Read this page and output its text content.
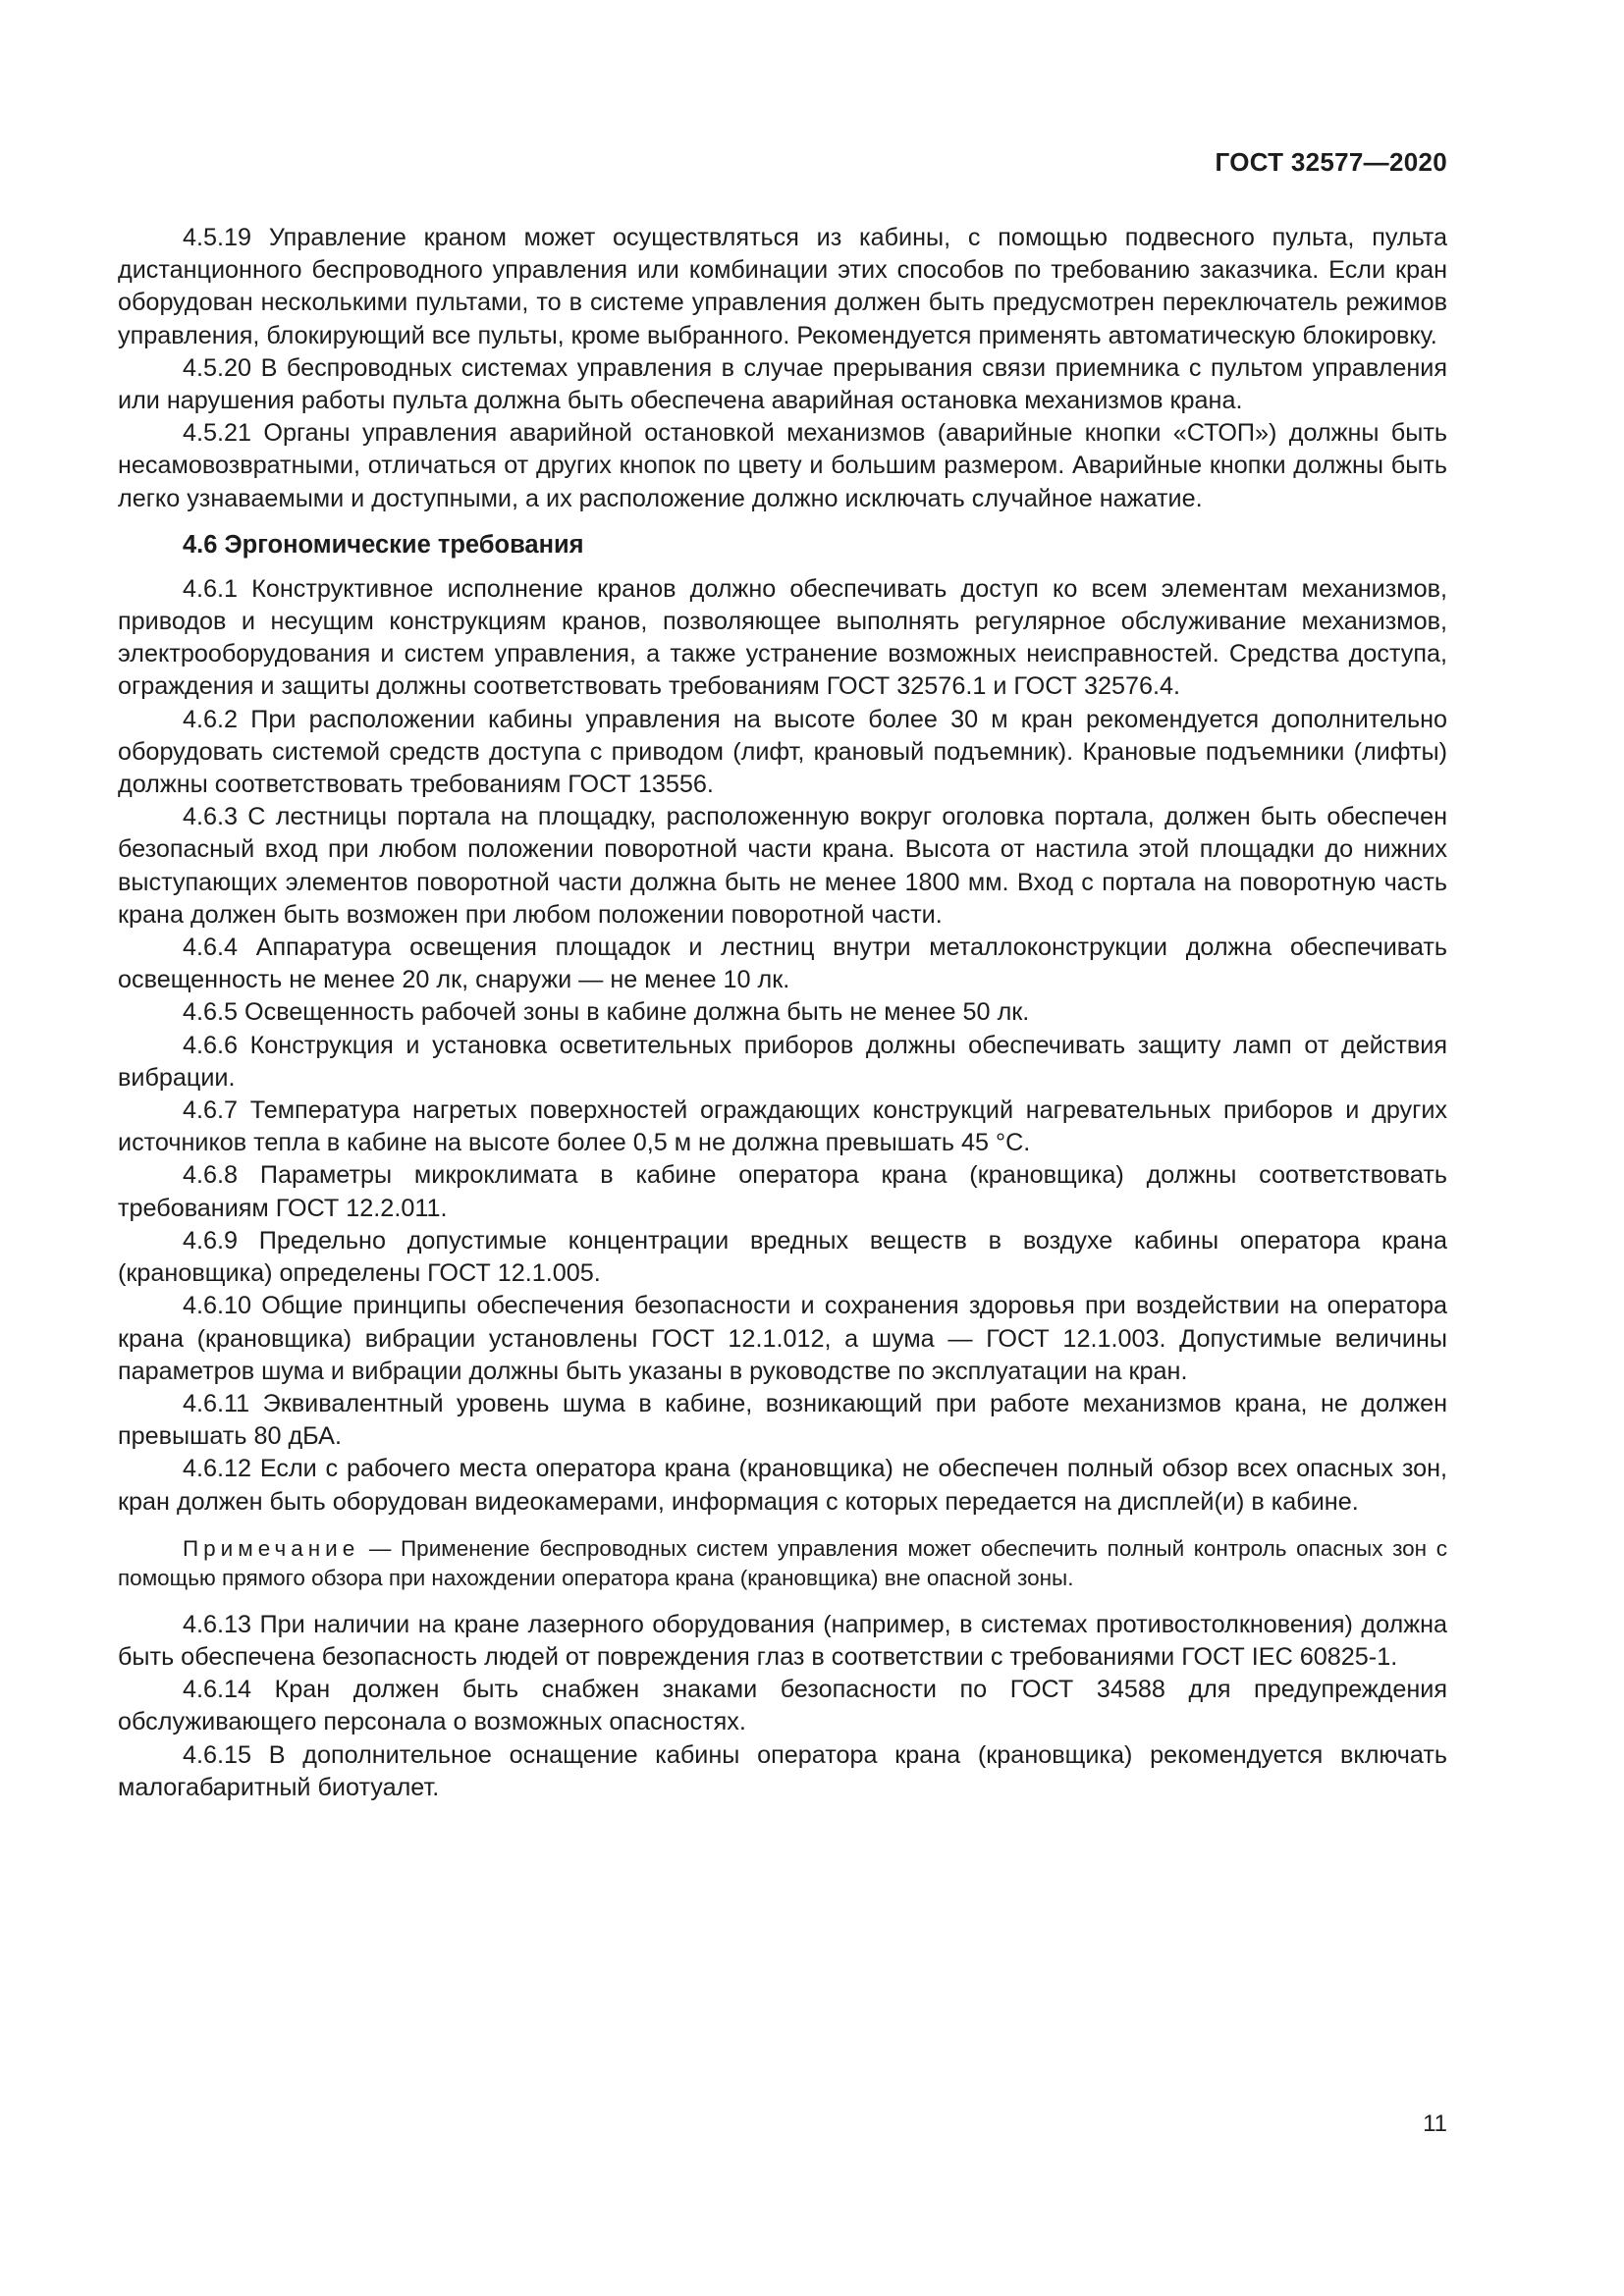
ГОСТ 32577—2020

4.5.19 Управление краном может осуществляться из кабины, с помощью подвесного пульта, пульта дистанционного беспроводного управления или комбинации этих способов по требованию заказчика. Если кран оборудован несколькими пультами, то в системе управления должен быть предусмотрен переключатель режимов управления, блокирующий все пульты, кроме выбранного. Рекомендуется применять автоматическую блокировку.

4.5.20 В беспроводных системах управления в случае прерывания связи приемника с пультом управления или нарушения работы пульта должна быть обеспечена аварийная остановка механизмов крана.

4.5.21 Органы управления аварийной остановкой механизмов (аварийные кнопки «СТОП») должны быть несамовозвратными, отличаться от других кнопок по цвету и большим размером. Аварийные кнопки должны быть легко узнаваемыми и доступными, а их расположение должно исключать случайное нажатие.

4.6 Эргономические требования

4.6.1 Конструктивное исполнение кранов должно обеспечивать доступ ко всем элементам механизмов, приводов и несущим конструкциям кранов, позволяющее выполнять регулярное обслуживание механизмов, электрооборудования и систем управления, а также устранение возможных неисправностей. Средства доступа, ограждения и защиты должны соответствовать требованиям ГОСТ 32576.1 и ГОСТ 32576.4.

4.6.2 При расположении кабины управления на высоте более 30 м кран рекомендуется дополнительно оборудовать системой средств доступа с приводом (лифт, крановый подъемник). Крановые подъемники (лифты) должны соответствовать требованиям ГОСТ 13556.

4.6.3 С лестницы портала на площадку, расположенную вокруг оголовка портала, должен быть обеспечен безопасный вход при любом положении поворотной части крана. Высота от настила этой площадки до нижних выступающих элементов поворотной части должна быть не менее 1800 мм. Вход с портала на поворотную часть крана должен быть возможен при любом положении поворотной части.

4.6.4 Аппаратура освещения площадок и лестниц внутри металлоконструкции должна обеспечивать освещенность не менее 20 лк, снаружи — не менее 10 лк.

4.6.5 Освещенность рабочей зоны в кабине должна быть не менее 50 лк.

4.6.6 Конструкция и установка осветительных приборов должны обеспечивать защиту ламп от действия вибрации.

4.6.7 Температура нагретых поверхностей ограждающих конструкций нагревательных приборов и других источников тепла в кабине на высоте более 0,5 м не должна превышать 45 °С.

4.6.8 Параметры микроклимата в кабине оператора крана (крановщика) должны соответствовать требованиям ГОСТ 12.2.011.

4.6.9 Предельно допустимые концентрации вредных веществ в воздухе кабины оператора крана (крановщика) определены ГОСТ 12.1.005.

4.6.10 Общие принципы обеспечения безопасности и сохранения здоровья при воздействии на оператора крана (крановщика) вибрации установлены ГОСТ 12.1.012, а шума — ГОСТ 12.1.003. Допустимые величины параметров шума и вибрации должны быть указаны в руководстве по эксплуатации на кран.

4.6.11 Эквивалентный уровень шума в кабине, возникающий при работе механизмов крана, не должен превышать 80 дБА.

4.6.12 Если с рабочего места оператора крана (крановщика) не обеспечен полный обзор всех опасных зон, кран должен быть оборудован видеокамерами, информация с которых передается на дисплей(и) в кабине.

Примечание — Применение беспроводных систем управления может обеспечить полный контроль опасных зон с помощью прямого обзора при нахождении оператора крана (крановщика) вне опасной зоны.

4.6.13 При наличии на кране лазерного оборудования (например, в системах противостолкновения) должна быть обеспечена безопасность людей от повреждения глаз в соответствии с требованиями ГОСТ IEC 60825-1.

4.6.14 Кран должен быть снабжен знаками безопасности по ГОСТ 34588 для предупреждения обслуживающего персонала о возможных опасностях.

4.6.15 В дополнительное оснащение кабины оператора крана (крановщика) рекомендуется включать малогабаритный биотуалет.

11
